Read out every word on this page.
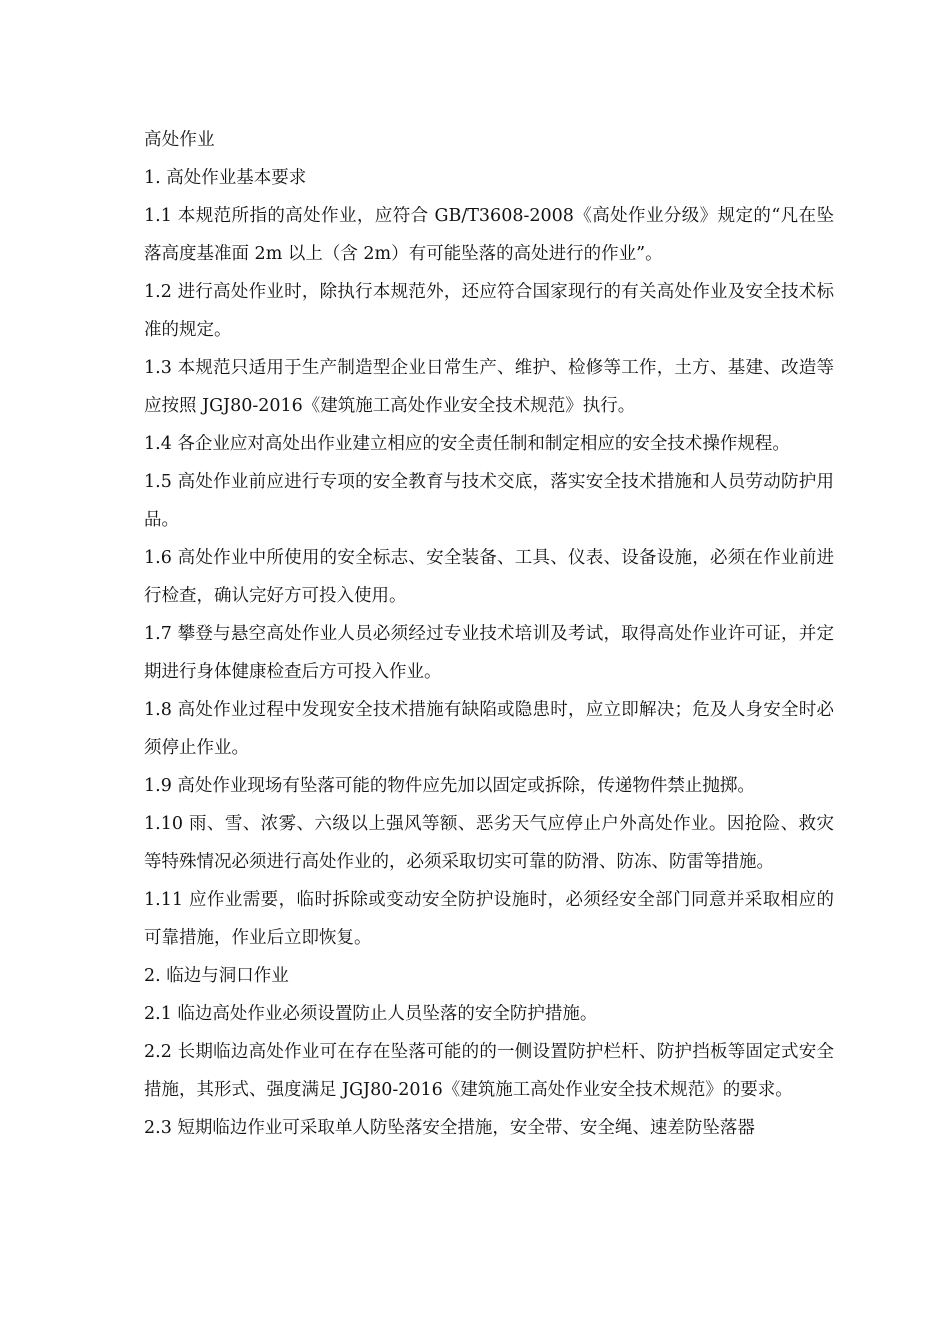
高处作业

1. 高处作业基本要求

1.1 本规范所指的高处作业，应符合 GB/T3608-2008《高处作业分级》规定的“凡在坠落高度基准面 2m 以上（含 2m）有可能坠落的高处进行的作业”。

1.2 进行高处作业时，除执行本规范外，还应符合国家现行的有关高处作业及安全技术标准的规定。

1.3 本规范只适用于生产制造型企业日常生产、维护、检修等工作，土方、基建、改造等应按照 JGJ80-2016《建筑施工高处作业安全技术规范》执行。

1.4 各企业应对高处出作业建立相应的安全责任制和制定相应的安全技术操作规程。

1.5 高处作业前应进行专项的安全教育与技术交底，落实安全技术措施和人员劳动防护用品。

1.6 高处作业中所使用的安全标志、安全装备、工具、仪表、设备设施，必须在作业前进行检查，确认完好方可投入使用。

1.7 攀登与悬空高处作业人员必须经过专业技术培训及考试，取得高处作业许可证，并定期进行身体健康检查后方可投入作业。

1.8 高处作业过程中发现安全技术措施有缺陷或隐患时，应立即解决；危及人身安全时必须停止作业。

1.9 高处作业现场有坠落可能的物件应先加以固定或拆除，传递物件禁止抛掷。

1.10 雨、雪、浓雾、六级以上强风等额、恶劣天气应停止户外高处作业。因抢险、救灾等特殊情况必须进行高处作业的，必须采取切实可靠的防滑、防冻、防雷等措施。

1.11 应作业需要，临时拆除或变动安全防护设施时，必须经安全部门同意并采取相应的可靠措施，作业后立即恢复。

2. 临边与洞口作业

2.1 临边高处作业必须设置防止人员坠落的安全防护措施。

2.2 长期临边高处作业可在存在坠落可能的的一侧设置防护栏杆、防护挡板等固定式安全措施，其形式、强度满足 JGJ80-2016《建筑施工高处作业安全技术规范》的要求。

2.3 短期临边作业可采取单人防坠落安全措施，安全带、安全绳、速差防坠落器
